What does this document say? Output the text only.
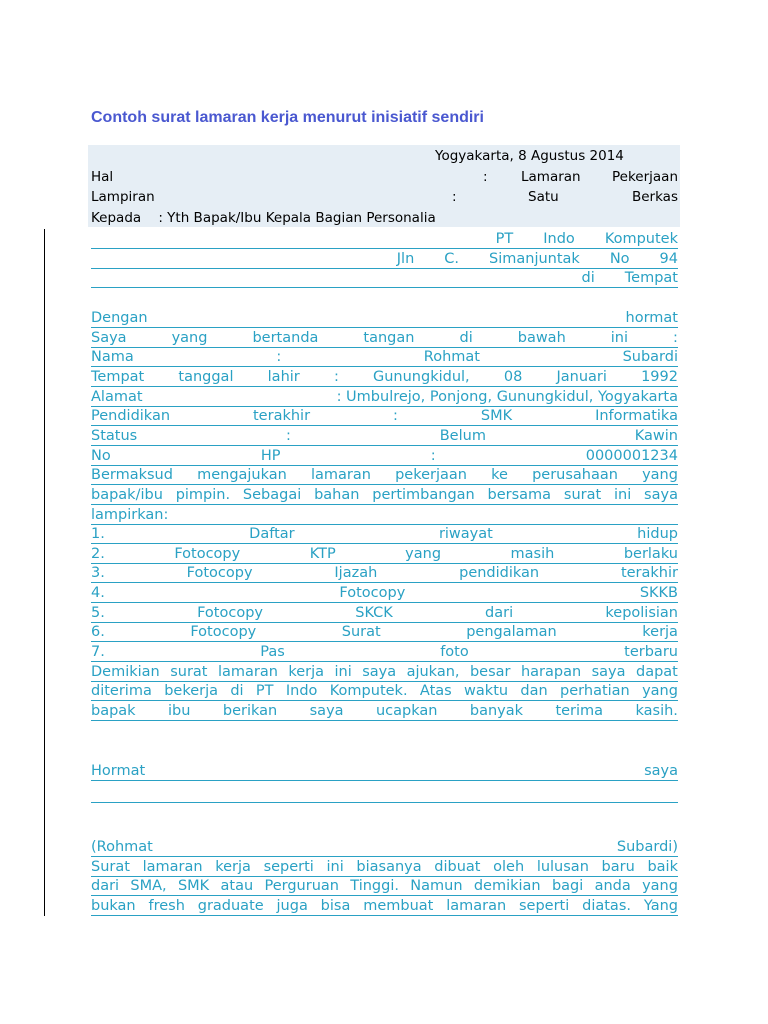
Contoh surat lamaran kerja menurut inisiatif sendiri
Yogyakarta, 8 Agustus 2014
Hal	: Lamaran Pekerjaan
Lampiran	:	Satu	Berkas
Kepada    : Yth Bapak/Ibu Kepala Bagian Personalia
PT Indo Komputek
Jln C. Simanjuntak No 94
di Tempat
Dengan	hormat
Saya	yang	bertanda	tangan	di	bawah	ini	:
Nama	:	Rohmat	Subardi
Tempat tanggal lahir : Gunungkidul, 08 Januari 1992
Alamat	: Umbulrejo, Ponjong, Gunungkidul, Yogyakarta
Pendidikan	terakhir	:	SMK	Informatika
Status	:	Belum	Kawin
No	HP	:	0000001234
Bermaksud mengajukan lamaran pekerjaan ke perusahaan yang
bapak/ibu pimpin. Sebagai bahan pertimbangan bersama surat ini saya
lampirkan:
1.	Daftar	riwayat	hidup
2.	Fotocopy	KTP	yang	masih	berlaku
3.	Fotocopy	Ijazah	pendidikan	terakhir
4.	Fotocopy	SKKB
5.	Fotocopy	SKCK	dari	kepolisian
6.	Fotocopy	Surat	pengalaman	kerja
7.	Pas	foto	terbaru
Demikian surat lamaran kerja ini saya ajukan, besar harapan saya dapat
diterima bekerja di PT Indo Komputek. Atas waktu dan perhatian yang
bapak ibu berikan saya ucapkan banyak terima kasih.
Hormat	saya
(Rohmat	Subardi)
Surat lamaran kerja seperti ini biasanya dibuat oleh lulusan baru baik
dari SMA, SMK atau Perguruan Tinggi. Namun demikian bagi anda yang
bukan fresh graduate juga bisa membuat lamaran seperti diatas. Yang
